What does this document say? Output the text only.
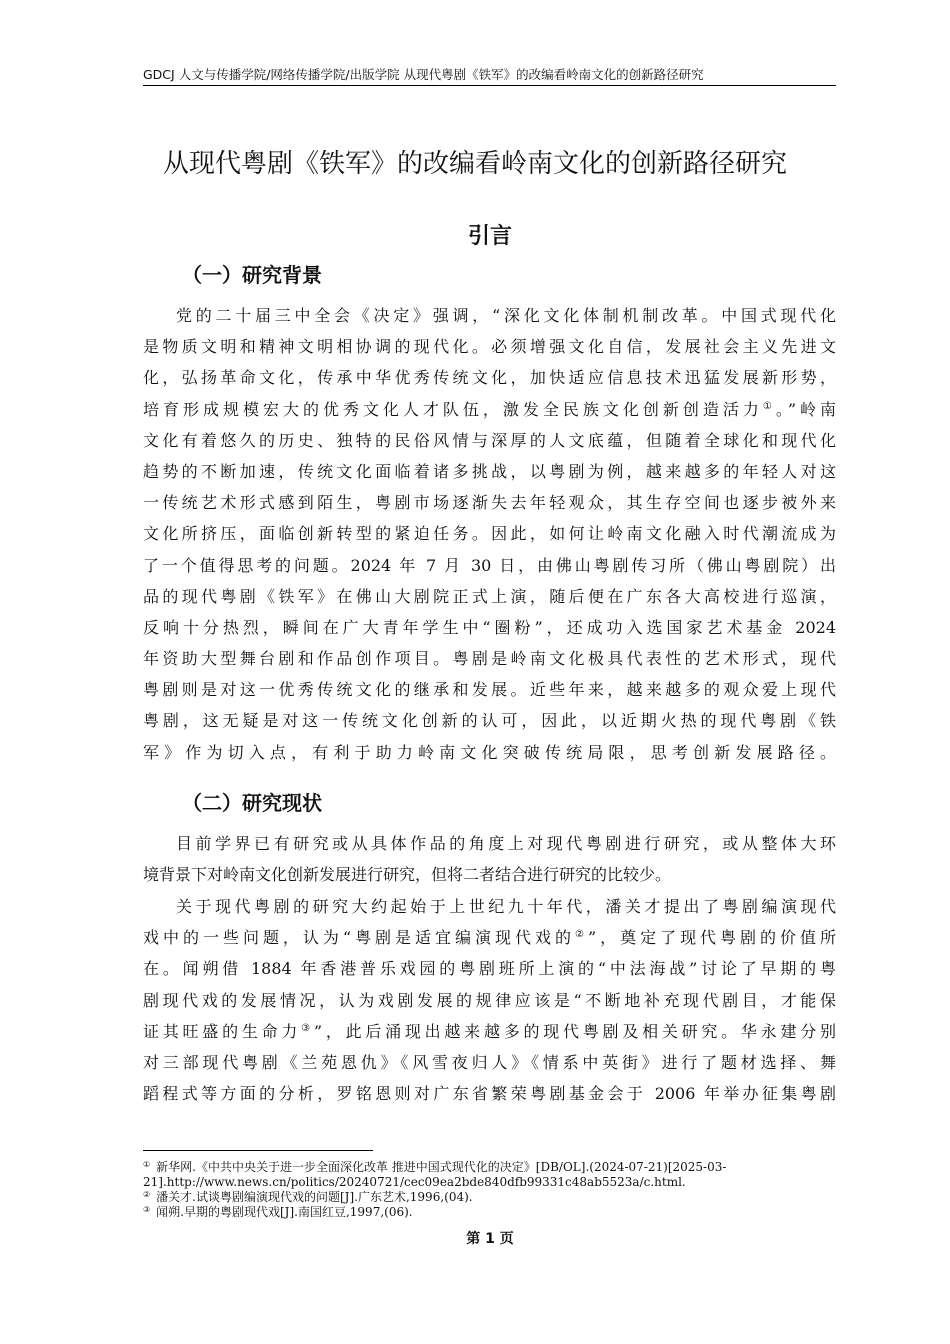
GDCJ 人文与传播学院/网络传播学院/出版学院 从现代粤剧《铁军》的改编看岭南文化的创新路径研究
从现代粤剧《铁军》的改编看岭南文化的创新路径研究
引言
（一）研究背景

党的二十届三中全会《决定》强调，“深化文化体制机制改革。中国式现代化
是物质文明和精神文明相协调的现代化。必须增强文化自信，发展社会主义先进文
化，弘扬革命文化，传承中华优秀传统文化，加快适应信息技术迅猛发展新形势，
培育形成规模宏大的优秀文化人才队伍，激发全民族文化创新创造活力①。”岭南
文化有着悠久的历史、独特的民俗风情与深厚的人文底蕴，但随着全球化和现代化
趋势的不断加速，传统文化面临着诸多挑战，以粤剧为例，越来越多的年轻人对这
一传统艺术形式感到陌生，粤剧市场逐渐失去年轻观众，其生存空间也逐步被外来
文化所挤压，面临创新转型的紧迫任务。因此，如何让岭南文化融入时代潮流成为
了一个值得思考的问题。2024 年 7 月 30 日，由佛山粤剧传习所（佛山粤剧院）出
品的现代粤剧《铁军》在佛山大剧院正式上演，随后便在广东各大高校进行巡演，
反响十分热烈，瞬间在广大青年学生中“圈粉”，还成功入选国家艺术基金 2024
年资助大型舞台剧和作品创作项目。粤剧是岭南文化极具代表性的艺术形式，现代
粤剧则是对这一优秀传统文化的继承和发展。近些年来，越来越多的观众爱上现代
粤剧，这无疑是对这一传统文化创新的认可，因此，以近期火热的现代粤剧《铁
军》作为切入点，有利于助力岭南文化突破传统局限，思考创新发展路径。

（二）研究现状

目前学界已有研究或从具体作品的角度上对现代粤剧进行研究，或从整体大环
境背景下对岭南文化创新发展进行研究，但将二者结合进行研究的比较少。

关于现代粤剧的研究大约起始于上世纪九十年代，潘关才提出了粤剧编演现代
戏中的一些问题，认为“粤剧是适宜编演现代戏的②”，奠定了现代粤剧的价值所
在。闻朔借 1884 年香港普乐戏园的粤剧班所上演的“中法海战”讨论了早期的粤
剧现代戏的发展情况，认为戏剧发展的规律应该是“不断地补充现代剧目，才能保
证其旺盛的生命力③”，此后涌现出越来越多的现代粤剧及相关研究。华永建分别
对三部现代粤剧《兰苑恩仇》《风雪夜归人》《情系中英街》进行了题材选择、舞
蹈程式等方面的分析，罗铭恩则对广东省繁荣粤剧基金会于 2006 年举办征集粤剧

① 新华网.《中共中央关于进一步全面深化改革 推进中国式现代化的决定》[DB/OL].(2024-07-21)[2025-03-
21].http://www.news.cn/politics/20240721/cec09ea2bde840dfb99331c48ab5523a/c.html.
② 潘关才.试谈粤剧编演现代戏的问题[J].广东艺术,1996,(04).
③ 闻朔.早期的粤剧现代戏[J].南国红豆,1997,(06).
第 1 页
